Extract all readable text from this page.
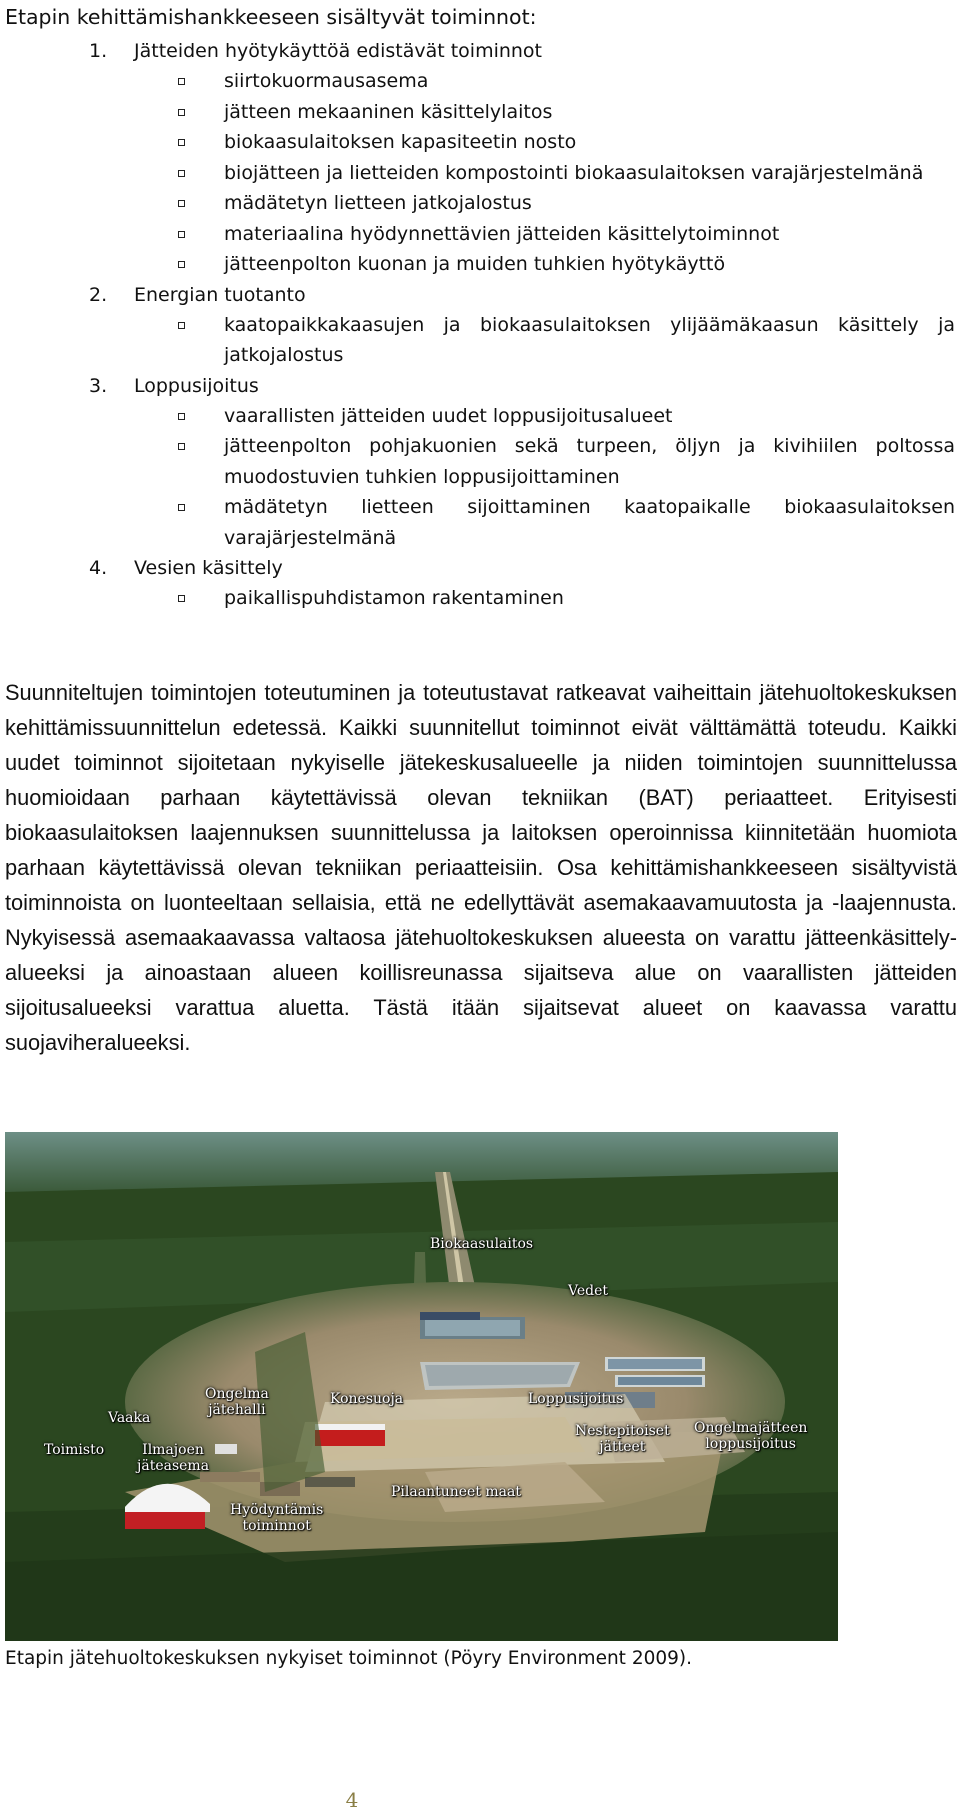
Etapin kehittämishankkeeseen sisältyvät toiminnot:
1. Jätteiden hyötykäyttöä edistävät toiminnot
siirtokuormausasema
jätteen mekaaninen käsittelylaitos
biokaasulaitoksen kapasiteetin nosto
biojätteen ja lietteiden kompostointi biokaasulaitoksen varajärjestelmänä
mädätetyn lietteen jatkojalostus
materiaalina hyödynnettävien jätteiden käsittelytoiminnot
jätteenpolton kuonan ja muiden tuhkien hyötykäyttö
2. Energian tuotanto
kaatopaikkakaasujen ja biokaasulaitoksen ylijäämäkaasun käsittely ja jatkojalostus
3. Loppusijoitus
vaarallisten jätteiden uudet loppusijoitusalueet
jätteenpolton pohjakuonien sekä turpeen, öljyn ja kivihiilen poltossa muodostuvien tuhkien loppusijoittaminen
mädätetyn lietteen sijoittaminen kaatopaikalle biokaasulaitoksen varajärjestelmänä
4. Vesien käsittely
paikallispuhdistamon rakentaminen
Suunniteltujen toimintojen toteutuminen ja toteutustavat ratkeavat vaiheittain jätehuoltokeskuksen kehittämissuunnittelun edetessä. Kaikki suunnitellut toiminnot eivät välttämättä toteudu. Kaikki uudet toiminnot sijoitetaan nykyiselle jätekeskusalueelle ja niiden toimintojen suunnittelussa huomioidaan parhaan käytettävissä olevan tekniikan (BAT) periaatteet. Erityisesti biokaasulaitoksen laajennuksen suunnittelussa ja laitoksen operoinnissa kiinnitetään huomiota parhaan käytettävissä olevan tekniikan periaatteisiin. Osa kehittämishankkeeseen sisältyvistä toiminnoista on luonteeltaan sellaisia, että ne edellyttävät asemakaavamuutosta ja -laajennusta. Nykyisessä asemaakaavassa valtaosa jätehuoltokeskuksen alueesta on varattu jätteenkäsittelyalueeksi ja ainoastaan alueen koillisreunassa sijaitseva alue on vaarallisten jätteiden sijoitusalueeksi varattua aluetta. Tästä itään sijaitsevat alueet on kaavassa varattu suojaviheralueeksi.
Biokaasulaitos
Vedet
Ongelma
jätehalli
Konesuoja	Loppusijoitus
Vaaka
Nestepitoiset
jätteet
Ongelmajätteen
loppusijoitus
Toimisto	Ilmajoen
jäteasema
Pilaantuneet maat
Hyödyntämis
toiminnot
Etapin jätehuoltokeskuksen nykyiset toiminnot (Pöyry Environment 2009).
4
